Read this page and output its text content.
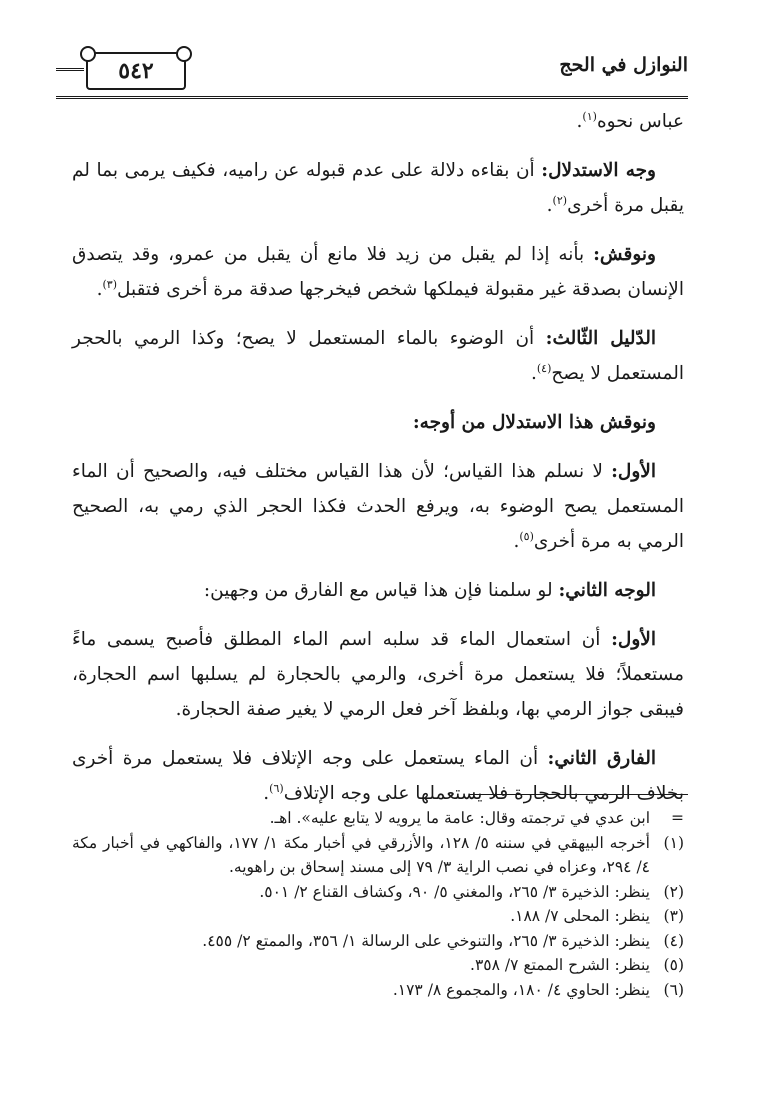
النوازل في الحج
٥٤٢

عباس نحوه$^{(١)}$.

وجه الاستدلال: أن بقاءه دلالة على عدم قبوله عن راميه، فكيف يرمى بما لم يقبل مرة أخرى$^{(٢)}$.

ونوقش: بأنه إذا لم يقبل من زيد فلا مانع أن يقبل من عمرو، وقد يتصدق الإنسان بصدقة غير مقبولة فيملكها شخص فيخرجها صدقة مرة أخرى فتقبل$^{(٣)}$.

الدّليل الثّالث: أن الوضوء بالماء المستعمل لا يصح؛ وكذا الرمي بالحجر المستعمل لا يصح$^{(٤)}$.

ونوقش هذا الاستدلال من أوجه:

الأول: لا نسلم هذا القياس؛ لأن هذا القياس مختلف فيه، والصحيح أن الماء المستعمل يصح الوضوء به، ويرفع الحدث فكذا الحجر الذي رمي به، الصحيح الرمي به مرة أخرى$^{(٥)}$.

الوجه الثاني: لو سلمنا فإن هذا قياس مع الفارق من وجهين:

الأول: أن استعمال الماء قد سلبه اسم الماء المطلق فأصبح يسمى ماءً مستعملاً؛ فلا يستعمل مرة أخرى، والرمي بالحجارة لم يسلبها اسم الحجارة، فيبقى جواز الرمي بها، وبلفظ آخر فعل الرمي لا يغير صفة الحجارة.

الفارق الثاني: أن الماء يستعمل على وجه الإتلاف فلا يستعمل مرة أخرى بخلاف الرمي بالحجارة فلا يستعملها على وجه الإتلاف$^{(٦)}$.

=
ابن عدي في ترجمته وقال: عامة ما يرويه لا يتابع عليه». اهـ.
(١)
أخرجه البيهقي في سننه ٥/ ١٢٨، والأزرقي في أخبار مكة ١/ ١٧٧، والفاكهي في أخبار مكة ٤/ ٢٩٤، وعزاه في نصب الراية ٣/ ٧٩ إلى مسند إسحاق بن راهويه.
(٢)
ينظر: الذخيرة ٣/ ٢٦٥، والمغني ٥/ ٩٠، وكشاف القناع ٢/ ٥٠١.
(٣)
ينظر: المحلى ٧/ ١٨٨.
(٤)
ينظر: الذخيرة ٣/ ٢٦٥، والتنوخي على الرسالة ١/ ٣٥٦، والممتع ٢/ ٤٥٥.
(٥)
ينظر: الشرح الممتع ٧/ ٣٥٨.
(٦)
ينظر: الحاوي ٤/ ١٨٠، والمجموع ٨/ ١٧٣.
